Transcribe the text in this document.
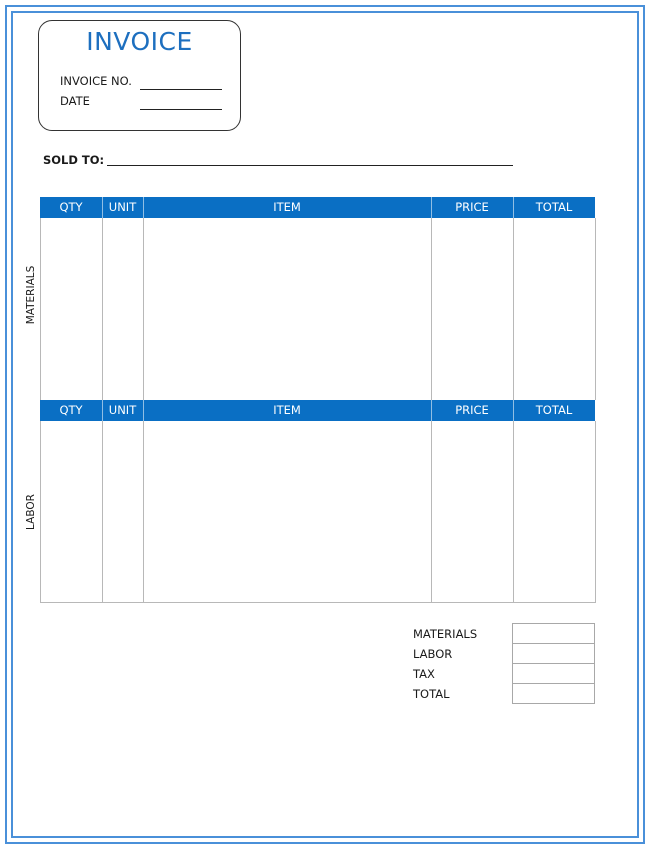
INVOICE
INVOICE NO.
DATE
SOLD TO:
MATERIALS
QTY	UNIT	ITEM	PRICE	TOTAL
LABOR
QTY	UNIT	ITEM	PRICE	TOTAL
MATERIALS
LABOR
TAX
TOTAL
